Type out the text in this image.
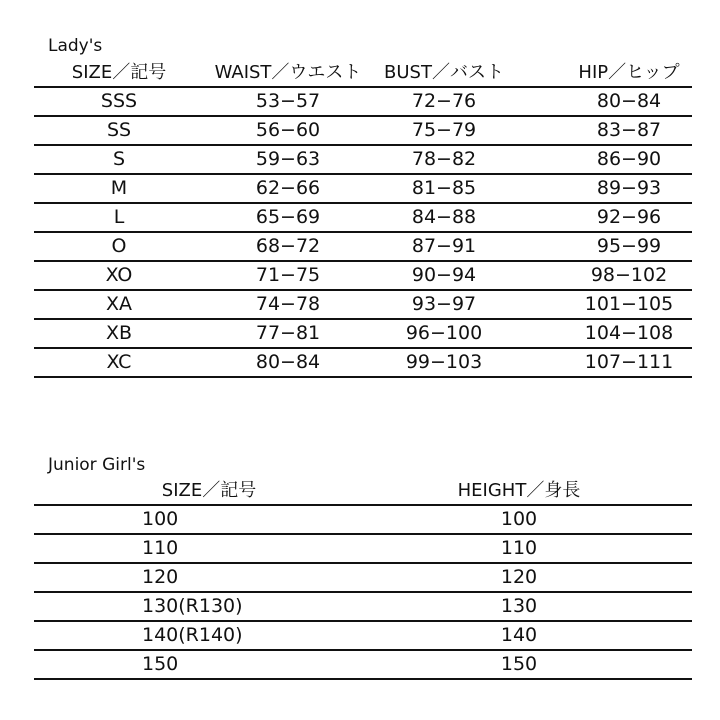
Lady's
SIZE／記号	WAIST／ウエスト	BUST／バスト	HIP／ヒップ
SSS	53−57	72−76	80−84
SS	56−60	75−79	83−87
S	59−63	78−82	86−90
M	62−66	81−85	89−93
L	65−69	84−88	92−96
O	68−72	87−91	95−99
XO	71−75	90−94	98−102
XA	74−78	93−97	101−105
XB	77−81	96−100	104−108
XC	80−84	99−103	107−111
Junior Girl's
SIZE／記号	HEIGHT／身長
100	100
110	110
120	120
130(R130)	130
140(R140)	140
150	150
